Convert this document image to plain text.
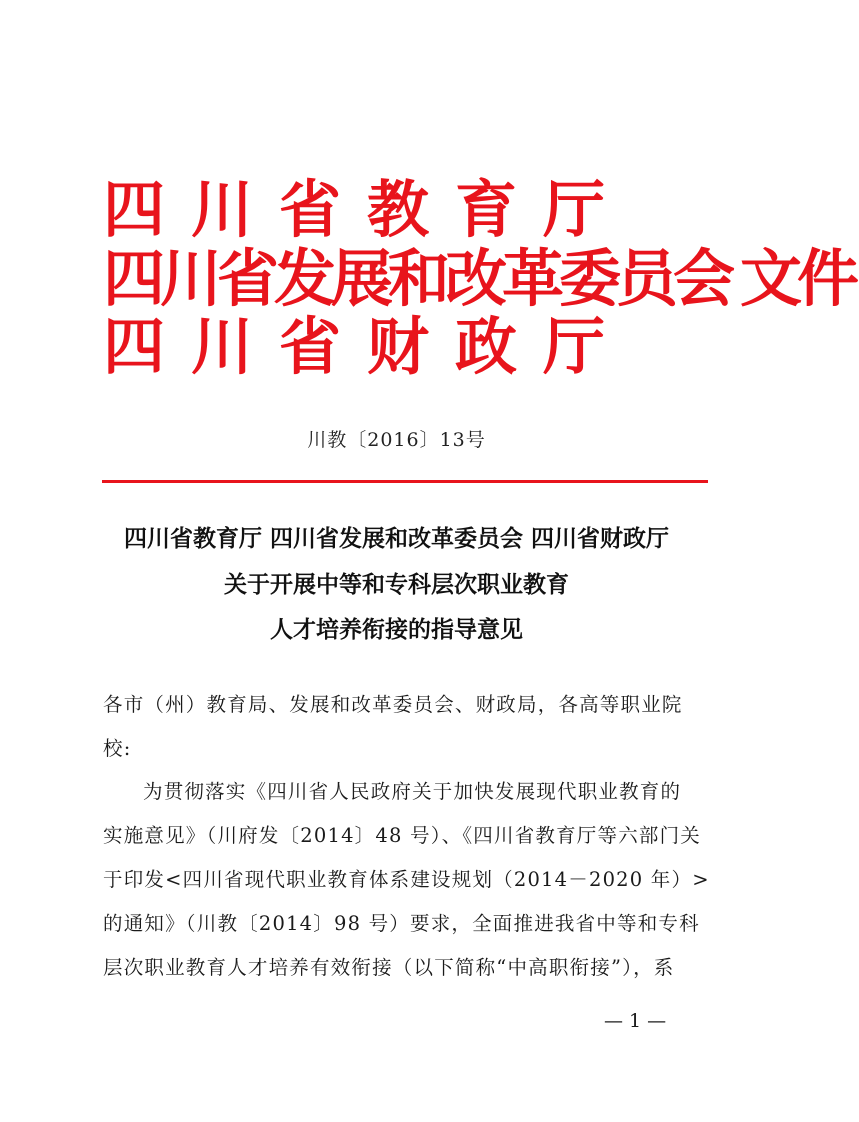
四 川 省 教 育 厅
四川省发展和改革委员会文件
四 川 省 财 政 厅
川教〔2016〕13号
四川省教育厅 四川省发展和改革委员会 四川省财政厅
关于开展中等和专科层次职业教育
人才培养衔接的指导意见
各市（州）教育局、发展和改革委员会、财政局，各高等职业院
校:
为贯彻落实《四川省人民政府关于加快发展现代职业教育的
实施意见》（川府发〔2014〕48 号）、《四川省教育厅等六部门关
于印发<四川省现代职业教育体系建设规划（2014－2020 年）>
的通知》（川教〔2014〕98 号）要求，全面推进我省中等和专科
层次职业教育人才培养有效衔接（以下简称“中高职衔接”），系
— 1 —
